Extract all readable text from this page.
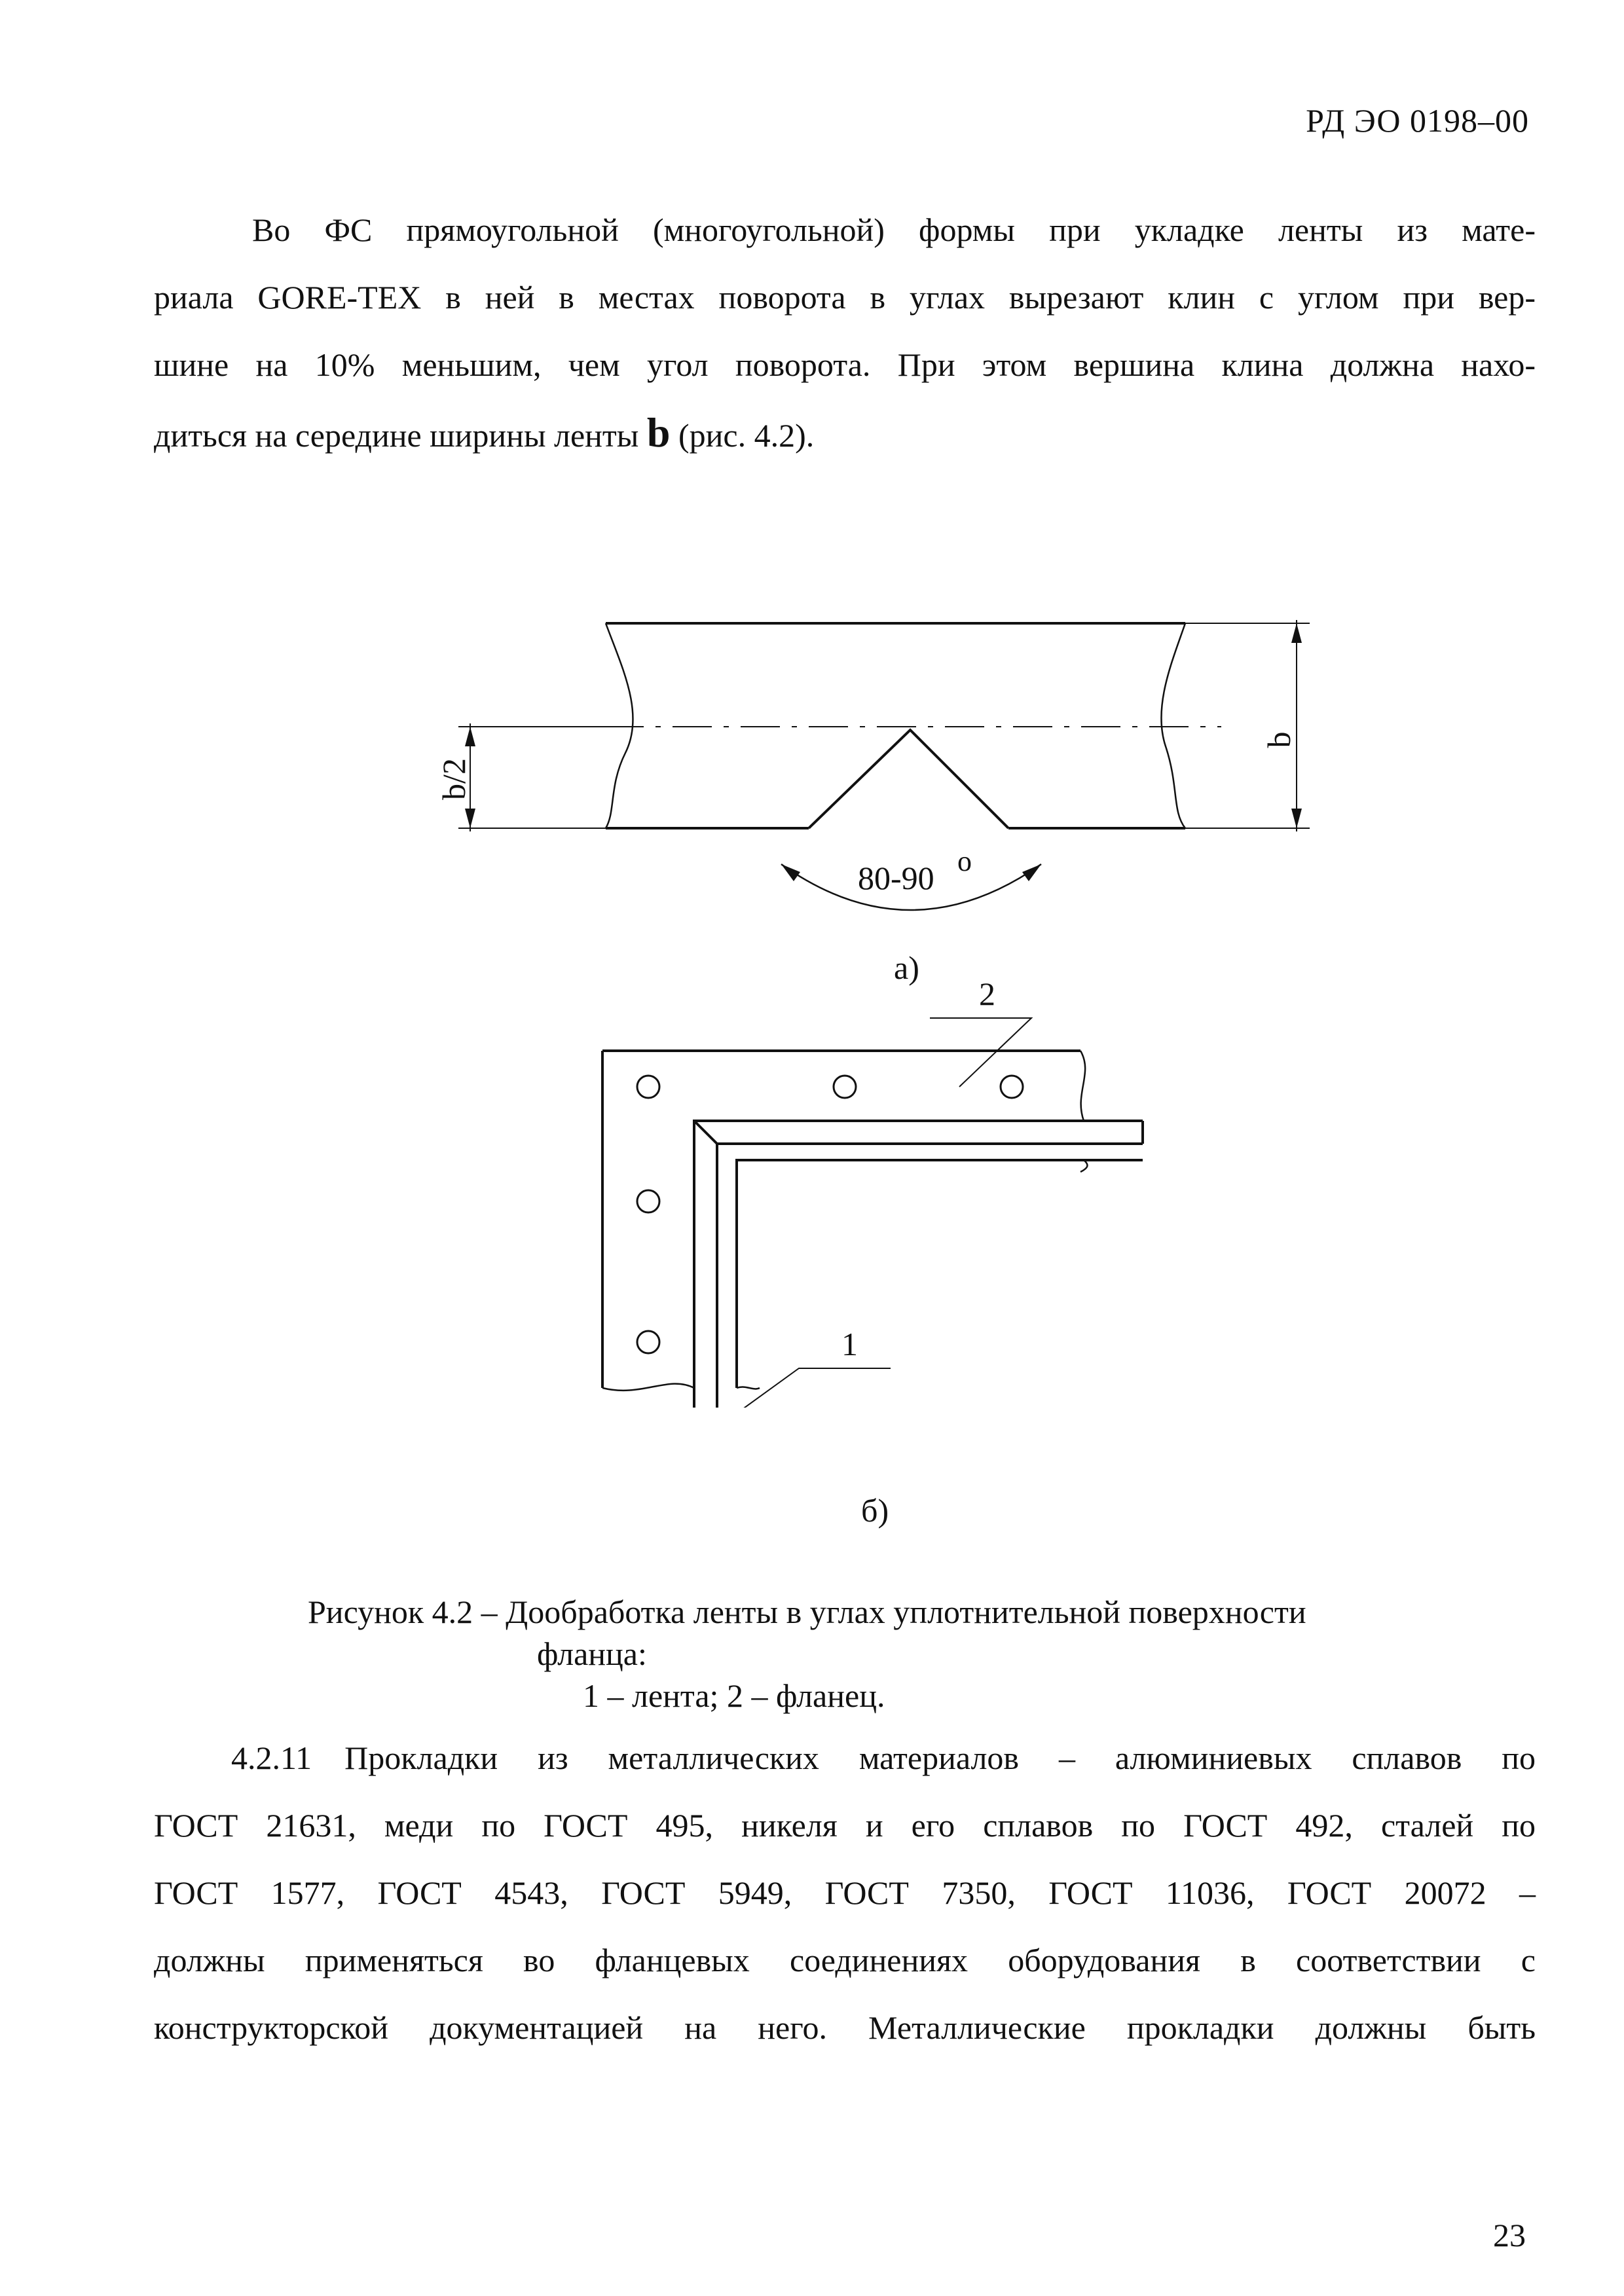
РД ЭО 0198–00
Во ФС прямоугольной (многоугольной) формы при укладке ленты из мате-
риала GORE-TEX в ней в местах поворота в углах вырезают клин с углом при вер-
шине на 10% меньшим, чем угол поворота. При этом вершина клина должна нахо-
диться на середине ширины ленты b (рис. 4.2).
b/2
b
80-90 o
а)
2
1
б)
Рисунок 4.2 – Дообработка ленты в углах уплотнительной поверхности
фланца:
1 – лента; 2 – фланец.
4.2.11  Прокладки из металлических материалов – алюминиевых сплавов по
ГОСТ 21631, меди по ГОСТ 495, никеля и его сплавов по ГОСТ 492, сталей по
ГОСТ 1577, ГОСТ 4543, ГОСТ 5949, ГОСТ 7350, ГОСТ 11036, ГОСТ 20072 –
должны применяться во фланцевых соединениях оборудования в соответствии с
конструкторской документацией на него. Металлические прокладки должны быть
23
